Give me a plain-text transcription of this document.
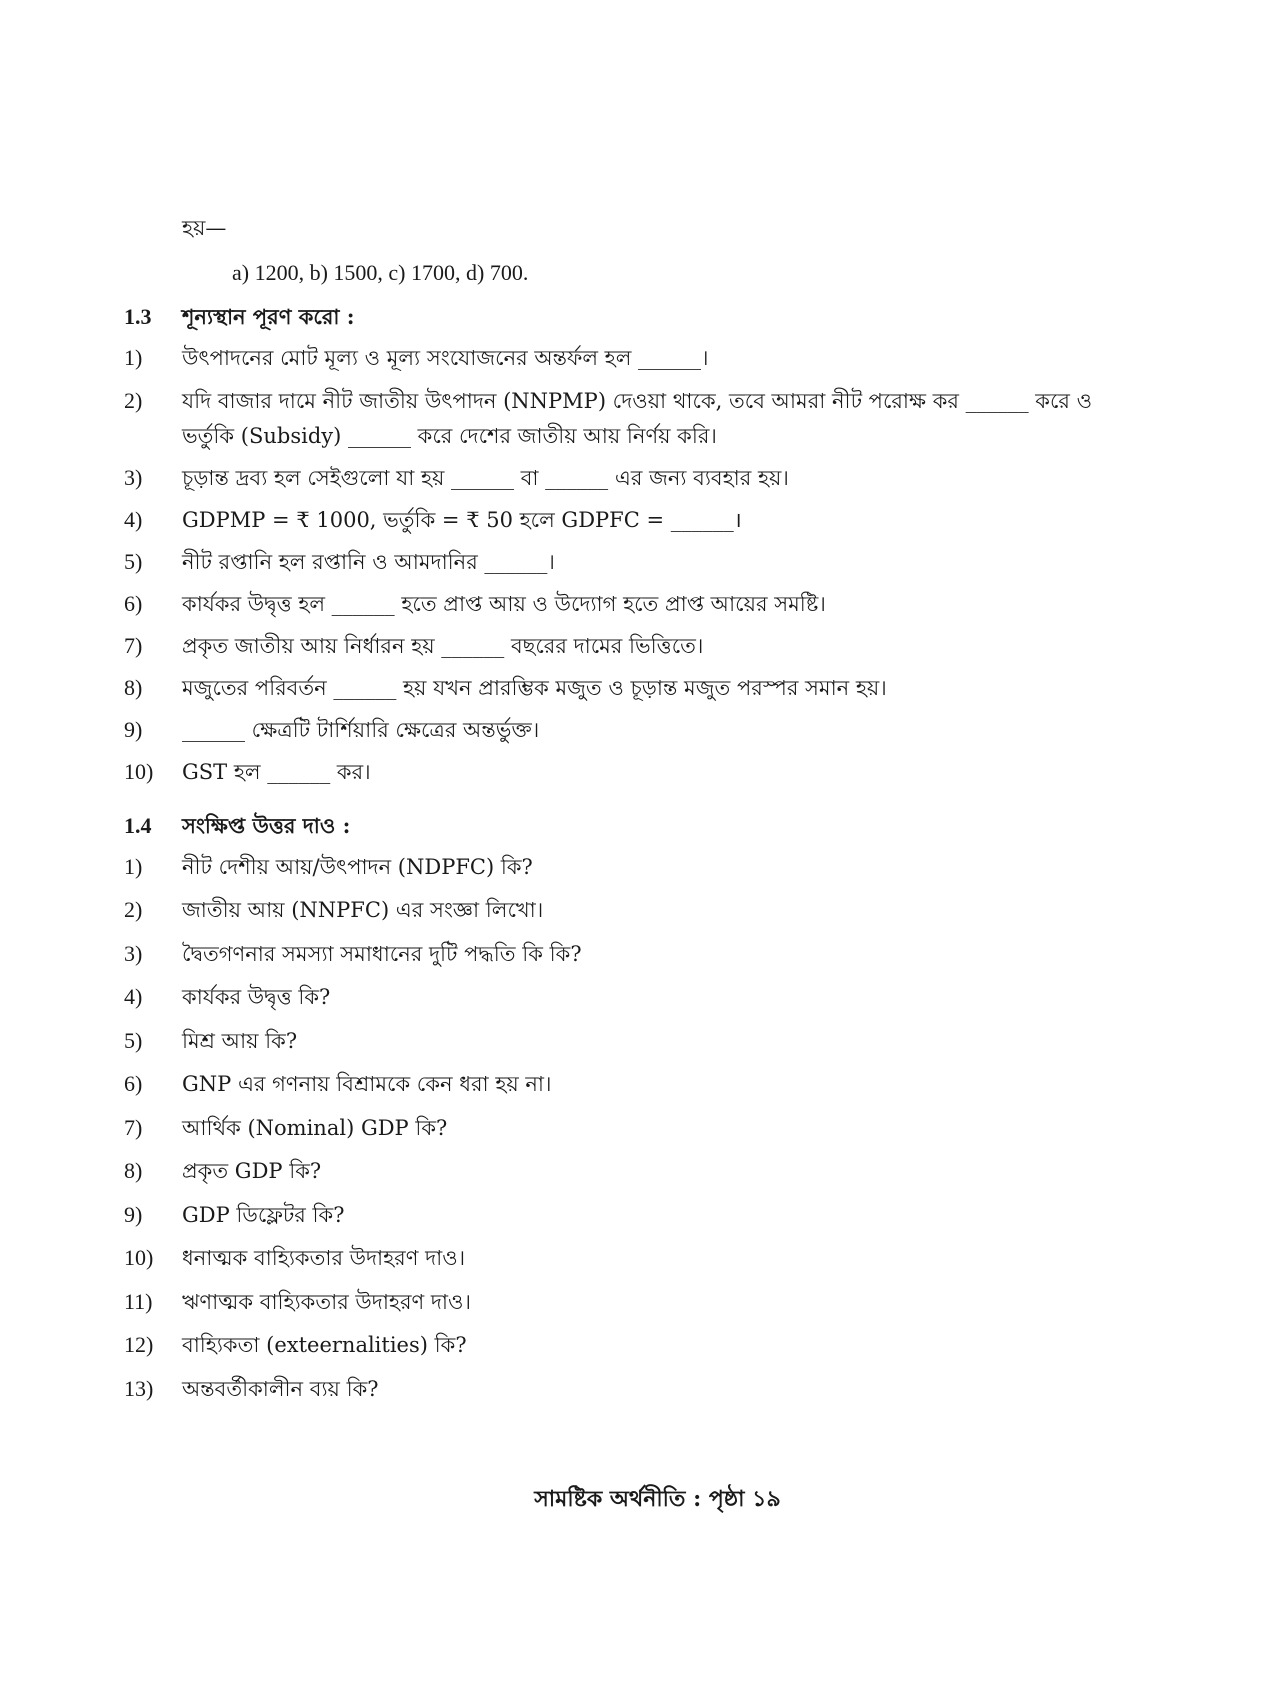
হয়—
a) 1200, b) 1500, c) 1700, d) 700.
1.3 শূন্যস্থান পূরণ করো :
1)	উৎপাদনের মোট মূল্য ও মূল্য সংযোজনের অন্তর্ফল হল ______।
2)	যদি বাজার দামে নীট জাতীয় উৎপাদন (NNPMP) দেওয়া থাকে, তবে আমরা নীট পরোক্ষ কর ______ করে ও
ভর্তুকি (Subsidy) ______ করে দেশের জাতীয় আয় নির্ণয় করি।
3)	চূড়ান্ত দ্রব্য হল সেইগুলো যা হয় ______ বা ______ এর জন্য ব্যবহার হয়।
4)	GDPMP = ₹ 1000, ভর্তুকি = ₹ 50 হলে GDPFC = ______।
5)	নীট রপ্তানি হল রপ্তানি ও আমদানির ______।
6)	কার্যকর উদ্বৃত্ত হল ______ হতে প্রাপ্ত আয় ও উদ্যোগ হতে প্রাপ্ত আয়ের সমষ্টি।
7)	প্রকৃত জাতীয় আয় নির্ধারন হয় ______ বছরের দামের ভিত্তিতে।
8)	মজুতের পরিবর্তন ______ হয় যখন প্রারম্ভিক মজুত ও চূড়ান্ত মজুত পরস্পর সমান হয়।
9)	______ ক্ষেত্রটি টার্শিয়ারি ক্ষেত্রের অন্তর্ভুক্ত।
10)	GST হল ______ কর।
1.4 সংক্ষিপ্ত উত্তর দাও :
1)	নীট দেশীয় আয়/উৎপাদন (NDPFC) কি?
2)	জাতীয় আয় (NNPFC) এর সংজ্ঞা লিখো।
3)	দ্বৈতগণনার সমস্যা সমাধানের দুটি পদ্ধতি কি কি?
4)	কার্যকর উদ্বৃত্ত কি?
5)	মিশ্র আয় কি?
6)	GNP এর গণনায় বিশ্রামকে কেন ধরা হয় না।
7)	আর্থিক (Nominal) GDP কি?
8)	প্রকৃত GDP কি?
9)	GDP ডিফ্লেটর কি?
10)	ধনাত্মক বাহ্যিকতার উদাহরণ দাও।
11)	ঋণাত্মক বাহ্যিকতার উদাহরণ দাও।
12)	বাহ্যিকতা (exteernalities) কি?
13)	অন্তবর্তীকালীন ব্যয় কি?
সামষ্টিক অর্থনীতি : পৃষ্ঠা ১৯
